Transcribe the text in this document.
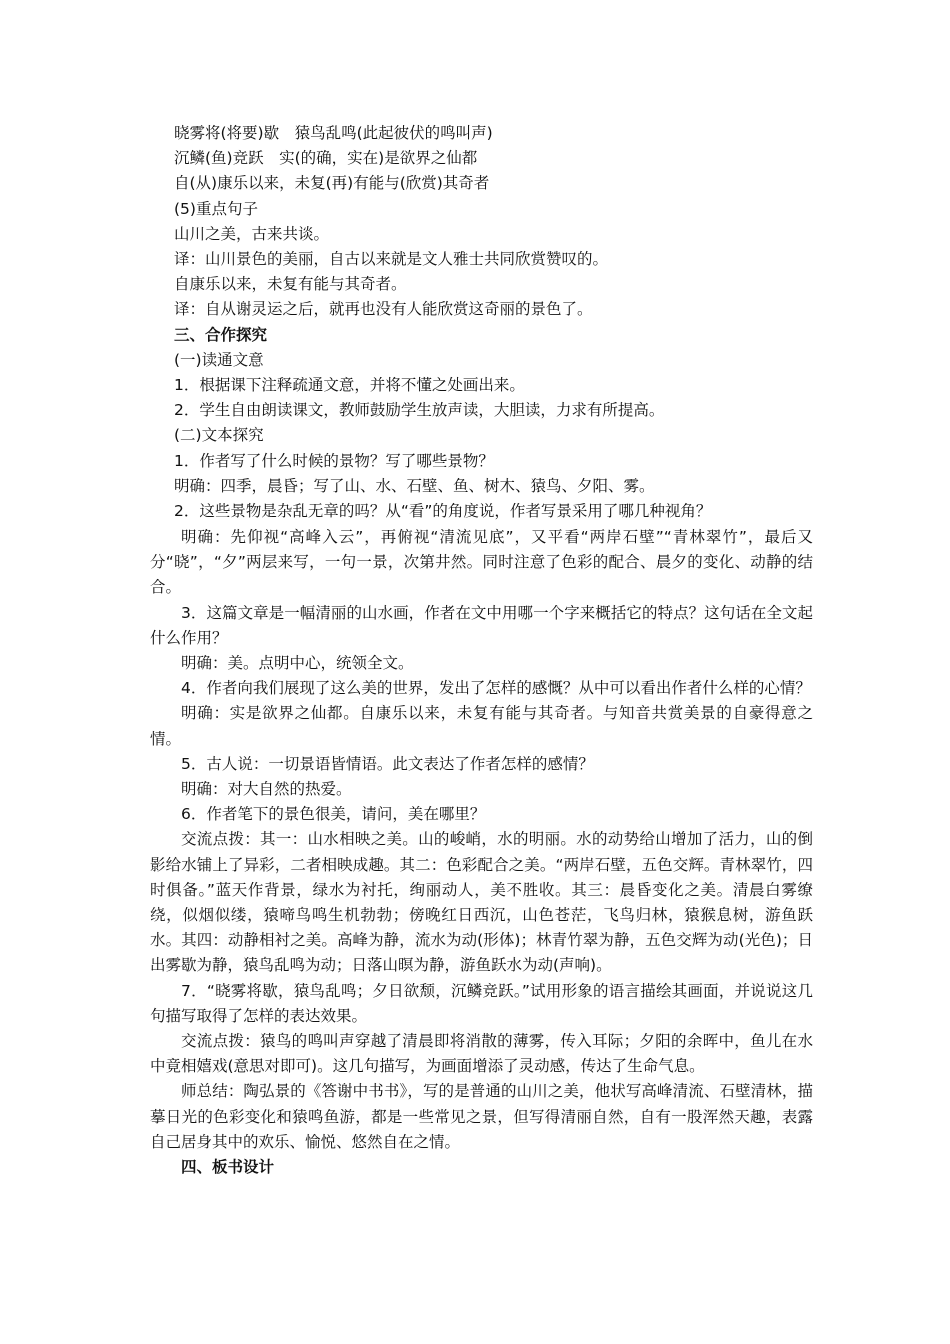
晓雾将(将要)歇　猿鸟乱鸣(此起彼伏的鸣叫声)
沉鳞(鱼)竞跃　实(的确，实在)是欲界之仙都
自(从)康乐以来，未复(再)有能与(欣赏)其奇者
(5)重点句子
山川之美，古来共谈。
译：山川景色的美丽，自古以来就是文人雅士共同欣赏赞叹的。
自康乐以来，未复有能与其奇者。
译：自从谢灵运之后，就再也没有人能欣赏这奇丽的景色了。
三、合作探究
(一)读通文意
1．根据课下注释疏通文意，并将不懂之处画出来。
2．学生自由朗读课文，教师鼓励学生放声读，大胆读，力求有所提高。
(二)文本探究
1．作者写了什么时候的景物？写了哪些景物？
明确：四季，晨昏；写了山、水、石壁、鱼、树木、猿鸟、夕阳、雾。
2．这些景物是杂乱无章的吗？从“看”的角度说，作者写景采用了哪几种视角？
明确：先仰视“高峰入云”，再俯视“清流见底”，又平看“两岸石壁”“青林翠竹”，最后又分“晓”，“夕”两层来写，一句一景，次第井然。同时注意了色彩的配合、晨夕的变化、动静的结合。
3．这篇文章是一幅清丽的山水画，作者在文中用哪一个字来概括它的特点？这句话在全文起什么作用？
明确：美。点明中心，统领全文。
4．作者向我们展现了这么美的世界，发出了怎样的感慨？从中可以看出作者什么样的心情？
明确：实是欲界之仙都。自康乐以来，未复有能与其奇者。与知音共赏美景的自豪得意之情。
5．古人说：一切景语皆情语。此文表达了作者怎样的感情？
明确：对大自然的热爱。
6．作者笔下的景色很美，请问，美在哪里？
交流点拨：其一：山水相映之美。山的峻峭，水的明丽。水的动势给山增加了活力，山的倒影给水铺上了异彩，二者相映成趣。其二：色彩配合之美。“两岸石壁，五色交辉。青林翠竹，四时俱备。”蓝天作背景，绿水为衬托，绚丽动人，美不胜收。其三：晨昏变化之美。清晨白雾缭绕，似烟似缕，猿啼鸟鸣生机勃勃；傍晚红日西沉，山色苍茫，飞鸟归林，猿猴息树，游鱼跃水。其四：动静相衬之美。高峰为静，流水为动(形体)；林青竹翠为静，五色交辉为动(光色)；日出雾歇为静，猿鸟乱鸣为动；日落山暝为静，游鱼跃水为动(声响)。
7．“晓雾将歇，猿鸟乱鸣；夕日欲颓，沉鳞竞跃。”试用形象的语言描绘其画面，并说说这几句描写取得了怎样的表达效果。
交流点拨：猿鸟的鸣叫声穿越了清晨即将消散的薄雾，传入耳际；夕阳的余晖中，鱼儿在水中竟相嬉戏(意思对即可)。这几句描写，为画面增添了灵动感，传达了生命气息。
师总结：陶弘景的《答谢中书书》，写的是普通的山川之美，他状写高峰清流、石壁清林，描摹日光的色彩变化和猿鸣鱼游，都是一些常见之景，但写得清丽自然，自有一股浑然天趣，表露自己居身其中的欢乐、愉悦、悠然自在之情。
四、板书设计
